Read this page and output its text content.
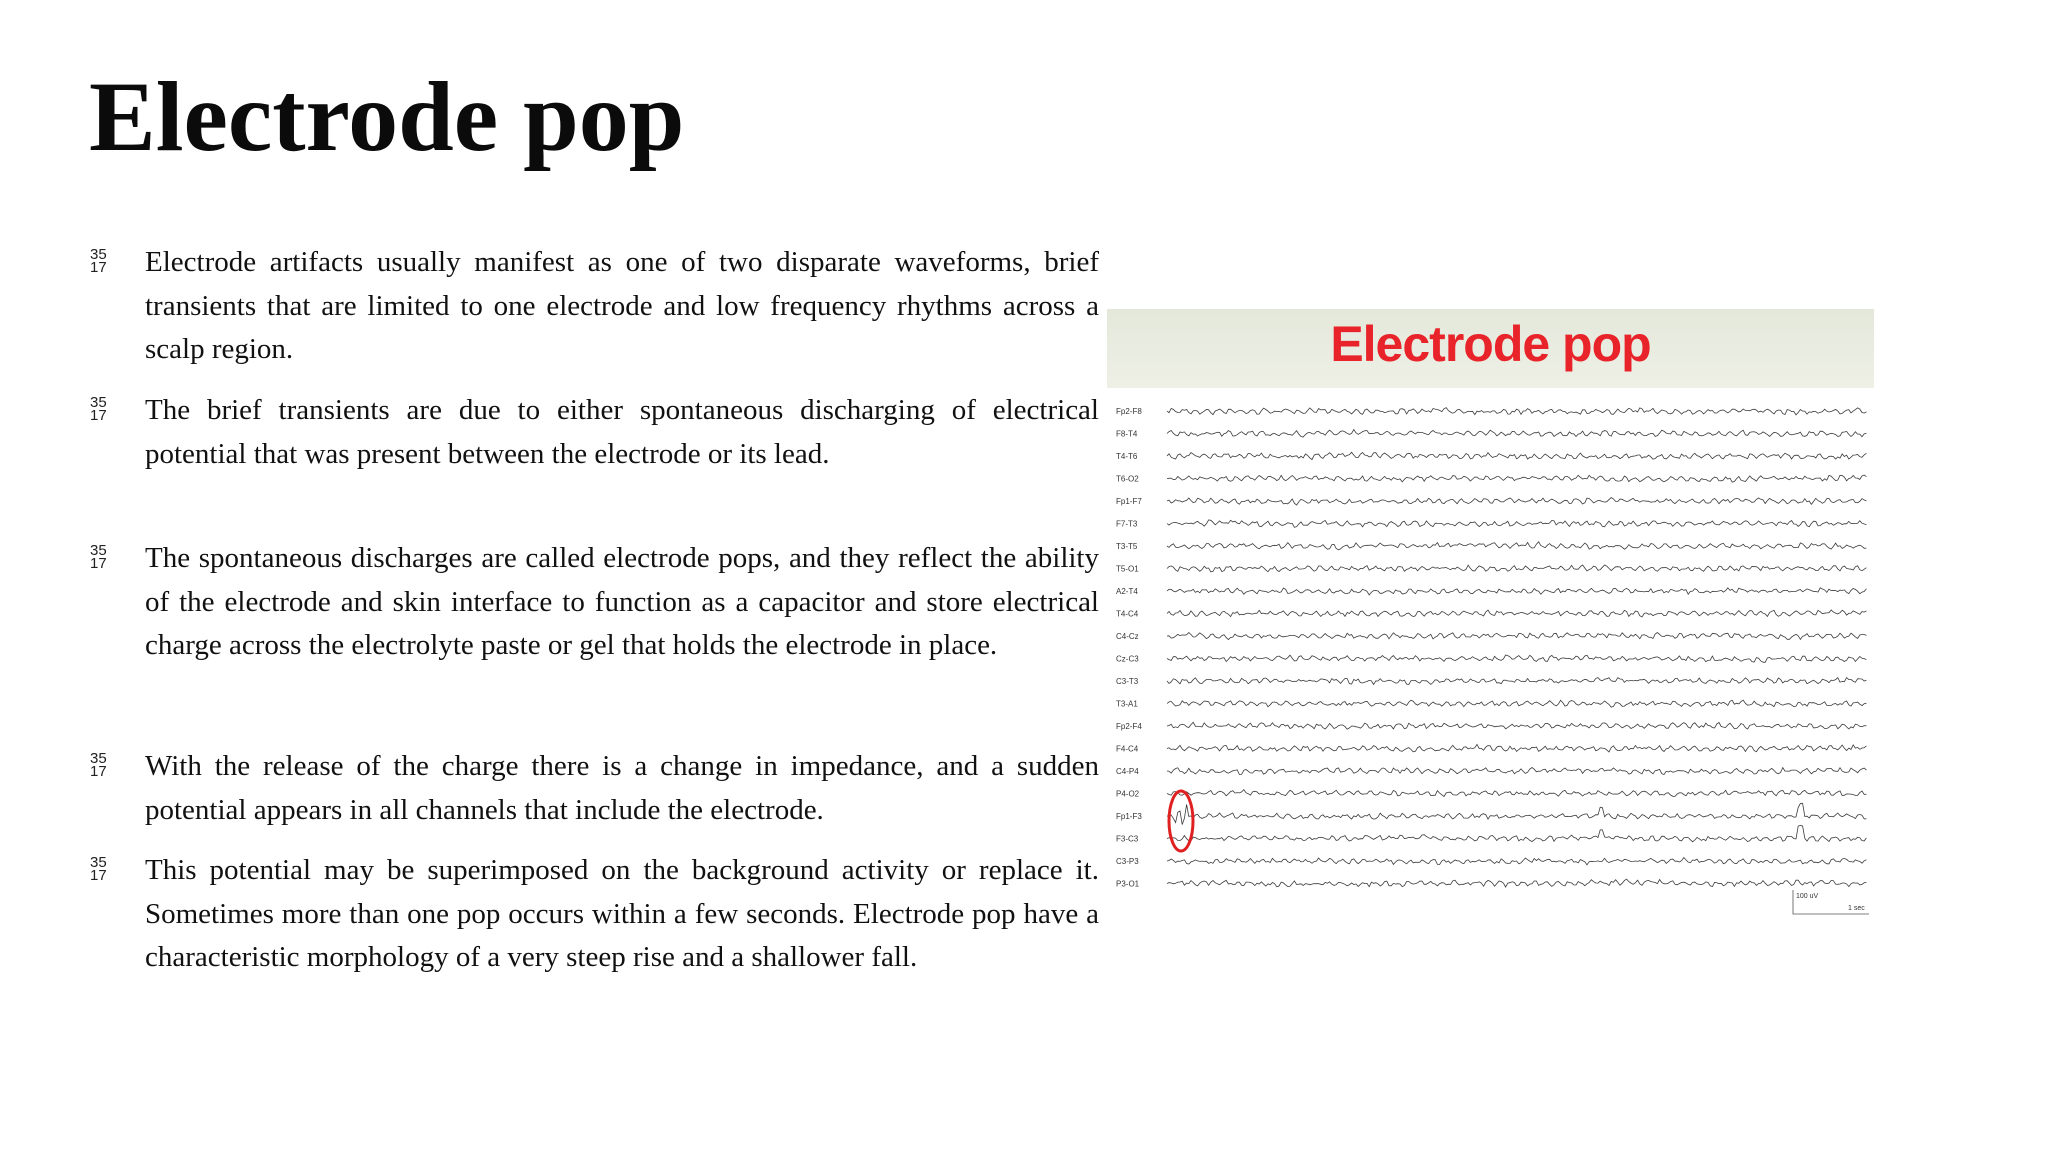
Electrode pop
35
17	Electrode artifacts usually manifest as one of two disparate waveforms, brief transients that are limited to one electrode and low frequency rhythms across a scalp region.

35
17	The brief transients are due to either spontaneous discharging of electrical potential that was present between the electrode or its lead.

35
17	The spontaneous discharges are called electrode pops, and they reflect the ability of the electrode and skin interface to function as a capacitor and store electrical charge across the electrolyte paste or gel that holds the electrode in place.

35
17	With the release of the charge there is a change in impedance, and a sudden potential appears in all channels that include the electrode.

35
17	This potential may be superimposed on the background activity or replace it. Sometimes more than one pop occurs within a few seconds. Electrode pop have a characteristic morphology of a very steep rise and a shallower fall.

Electrode pop
Fp2-F8
F8-T4
T4-T6
T6-O2
Fp1-F7
F7-T3
T3-T5
T5-O1
A2-T4
T4-C4
C4-Cz
Cz-C3
C3-T3
T3-A1
Fp2-F4
F4-C4
C4-P4
P4-O2
Fp1-F3
F3-C3
C3-P3
P3-O1
100 uV
1 sec
